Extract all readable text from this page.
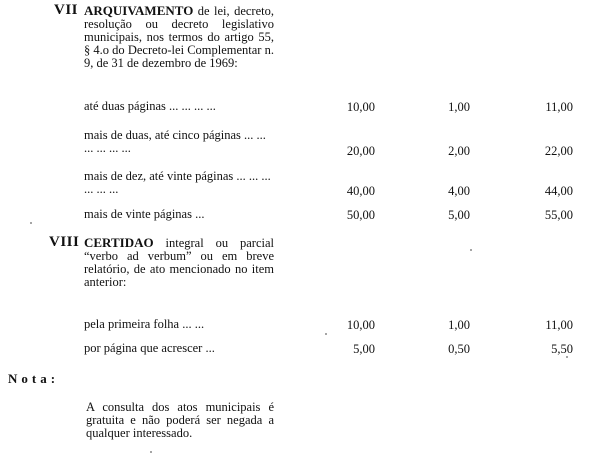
VII ARQUIVAMENTO de lei, decreto, resolução ou decreto legislativo municipais, nos termos do artigo 55, § 4.o do Decreto-lei Complementar n. 9, de 31 de dezembro de 1969:
até duas páginas ... ... ... ...	10,00	1,00	11,00
mais de duas, até cinco páginas ... ... ... ... ... ...	20,00	2,00	22,00
mais de dez, até vinte páginas ... ... ... ... ... ...	40,00	4,00	44,00
mais de vinte páginas ...	50,00	5,00	55,00
VIII CERTIDAO integral ou parcial “verbo ad verbum” ou em breve relatório, de ato mencionado no item anterior:
pela primeira folha ... ...	10,00	1,00	11,00
por página que acrescer ...	5,00	0,50	5,50
Nota:
A consulta dos atos municipais é gratuita e não poderá ser negada a qualquer interessado.
